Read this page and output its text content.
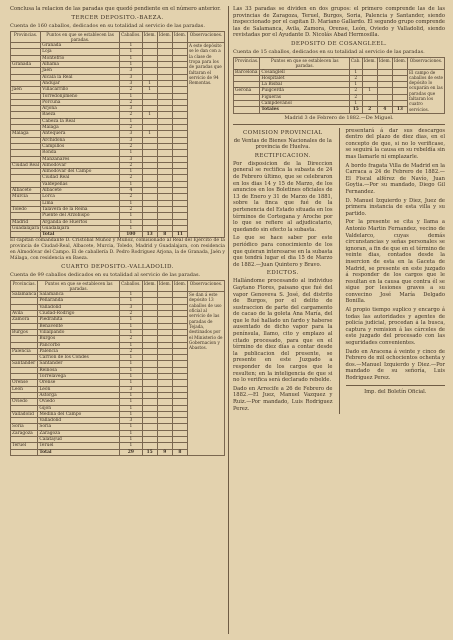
Conclusa la relacion de las paradas que quedó pendiente en el número anterior.

TERCER DEPOSITO.-BAEZA.
Cuenta de 160 caballos, dedicados en su totalidad al servicio de las paradas.
Provincias.	Puntos en que se establecen las paradas.	Caballos.	Ídem.	Ídem.	Ídem.	Observaciones.
	Granada	1				A este depósito se le dan con a la clase de tropa para los de paradas que faltaran el servicio de 94 Remontas.
	Loja	1				
	Montefrío	1				
Granada	Alhama	1				
	Jaén	3				
	Alcalá la Real	3				
	Andújar	3	1			
Jaén	Villacarrillo	2	1			
	Torredonjimeno	1				
	Porcuna	2				
	Arjona	3				
	Baeza	2	1			
	Cabeza la Real	1				
	Málaga	2				
Málaga	Antequera	3	1			
	Archidona	3				
	Campillos	2				
	Ronda	1				
	Manzanares	3				
Ciudad Real	Almodóvar	2				
	Almodóvar del Campo	1				
	Ciudad Real	2				
	Valdepeñas	1				
Albacete	Albacete	4				
Murcia	Lorca	2				
	Lima	1				
Toledo	Talavera de la Reina	2				
	Puente del Arzobispo	1				
Madrid	Arganda de Huertos	1				
Guadalajara	Guadalajara	1				
	Total	100	13	8	11	

El capitan comandante D. Cristóbal Muñoz y Muñoz, comisionado al Real del Ejército de la provincia de Ciudad-Real, Albacete, Murcia, Toledo, Madrid y Guadalajara, con residencia en Almodóvar del Campo. El de caballería D. Pedro Rodriguez Arjona, la de Granada, Jaén y Málaga, con residencia en Baeza.

CUARTO DEPOSITO.-VALLADOLID.
Cuenta de 99 caballos dedicados en su totalidad al servicio de las paradas.
Provincias.	Puntos en que se establecen las paradas.	Caballos.	Ídem.	Ídem.	Ídem.	Observaciones.
Salamanca	Salamanca	1				Se dan á este depósito 13 caballos de uso oficial al servicio de las paradas de Tejada, destinados por el Ministerio de Gobernacion y Abastos.
	Peñaranda	1				
	Valladolid	3				
Avila	Ciudad-Rodrigo	2				
Zamora	Piedrahita	1				
	Benavente	1				
Burgos	Villalpando	1				
	Burgos	2				
	Pancorbo	1				
Palencia	Palencia	2				
	Carrion de los Condes	1				
Santander	Santander	1				
	Reinosa	1				
	Torrelavega	1				
Orense	Orense	1				
León	León	3				
	Astorga	1				
Oviedo	Oviedo	1				
	Gijón	1				
Valladolid	Medina del Campo	1				
	Valladolid	3				
Soria	Soria	1				
Zaragoza	Zaragoza	1				
	Calatayud	1				
Teruel	Teruel	1				
	Total	29	15	9	8	

Las 33 paradas se dividen en dos grupos: el primero comprende las de las provincias de Zaragoza, Teruel, Burgos, Soria, Palencia y Santander, siendo inspeccionado por el capitan D. Mariano Gallardo. El segundo grupo comprende las de Salamanca, Avila, Zamora, Orense, León, Oviedo y Valladolid, siendo revistadas por el Ayudante D. Nicolás Abad Hermosilla.

DEPOSITO DE COSANGLEEL.
Cuenta de 15 caballos, dedicados en su totalidad al servicio de las paradas.
Provincias.	Puntos en que se establecen las paradas.	Cab.	Ídem.	Ídem.	Ídem.	Observaciones.
Barcelona	Cosanglell	1				El campo de caballos de este depósito lo ocuparán en las paradas que faltaran los cuatro servicios.
	Hospitalet	2				
	La Bisbal	1				
Gerona	Puigcerdá	2	1			
	Figueras	2				
	Campdevánol	1				
	Totales	15	2	4	13	
Madrid 3 de Febrero de 1882.—De Miguel.
COMISION PROVINCIAL
de Ventas de Bienes Nacionales de la provincia de Huelva.
RECTIFICACION.

Por disposicion de la Direccion general se rectifica la subasta de 24 de Febrero último, que se celebraron en los dias 14 y 15 de Marzo, de los anuncios en los Boletines oficiales de 13 de Enero y 31 de Marzo de 1881, sobre la finca que fué de la pertenencia del Estado situada en los términos de Cortegana y Aroche por lo que se refiere al adjudicatario, quedando sin efecto la subasta.

Lo que se hace saber por este periódico para conocimiento de los que quieran interesarse en la subasta que tendrá lugar el dia 15 de Marzo de 1882.—Juan Quintero y Bravo.

EDICTOS.

Hallándome procesando al individuo Gaytano Flores, paisano que fué del vapor Genoveva S. José, del distrito de Burgos, por el delito de sustraccion de parte del cargamento de cacao de la goleta Ana María, del que le fué hallado un fardo y haberse ausentado de dicho vapor para la península, llamo, cito y emplazo al citado procesado, para que en el término de diez días a contar desde la publicacion del presente, se presente en este Juzgado a responder de los cargos que le resulten; en la inteligencia de que si no lo verifica será declarado rebelde.

Dado en Arrecife a 26 de Febrero de 1882.—El Juez, Manuel Vazquez y Ruiz.—Por mandado, Luis Rodriguez Perez.

presentará á dar sus descargos dentro del plazo de diez dias, en el concepto de que, si no lo verificase, se seguirá la causa en su rebeldía sin mas llamarle ni emplazarle.

A bordo fragata Villa de Madrid en la Carraca a 24 de Febrero de 1882.—El Fiscal alférez de Navío, Juan Goytia.—Por su mandado, Diego Gil Fernandez.

D. Manuel Izquierdo y Diez, Juez de primera instancia de esta villa y su partido.

Por la presente se cita y llama a Antonio Martin Fernandez, vecino de Valdelarco, cuyas demás circunstancias y señas personales se ignoran, a fin de que en el término de veinte dias, contados desde la insercion de esta en la Gaceta de Madrid, se presente en este juzgado á responder de los cargos que le resultan en la causa que contra él se sigue por lesiones graves a su convecino José María Delgado Bonilla.

Al propio tiempo suplico y encargo á todas las autoridades y agentes de policía judicial, procedan á la busca, captura y remision á las cárceles de este juzgado del procesado con las seguridades convenientes.

Dado en Aracena á veinte y cinco de Febrero de mil ochocientos ochenta y dos.—Manuel Izquierdo y Diez.—Por mandado de su señoría, Luis Rodriguez Perez.

Imp. del Boletín Oficial.
